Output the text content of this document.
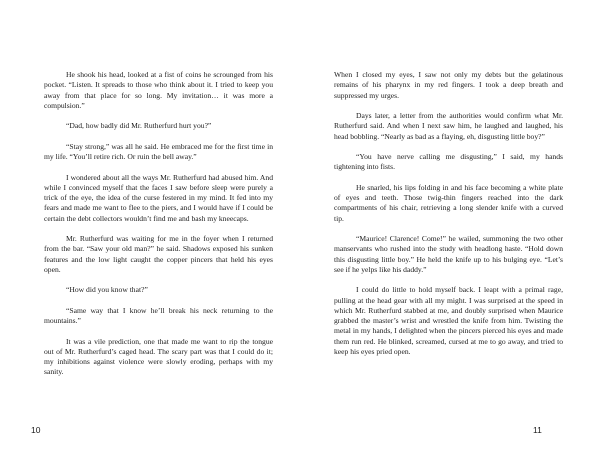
He shook his head, looked at a fist of coins he scrounged from his pocket. “Listen. It spreads to those who think about it. I tried to keep you away from that place for so long. My invitation… it was more a compulsion.”

“Dad, how badly did Mr. Rutherfurd hurt you?”

“Stay strong,” was all he said. He embraced me for the first time in my life. “You’ll retire rich. Or ruin the bell away.”

I wondered about all the ways Mr. Rutherfurd had abused him. And while I convinced myself that the faces I saw before sleep were purely a trick of the eye, the idea of the curse festered in my mind. It fed into my fears and made me want to flee to the piers, and I would have if I could be certain the debt collectors wouldn’t find me and bash my kneecaps.

Mr. Rutherfurd was waiting for me in the foyer when I returned from the bar. “Saw your old man?” he said. Shadows exposed his sunken features and the low light caught the copper pincers that held his eyes open.

“How did you know that?”

“Same way that I know he’ll break his neck returning to the mountains.”

It was a vile prediction, one that made me want to rip the tongue out of Mr. Rutherfurd’s caged head. The scary part was that I could do it; my inhibitions against violence were slowly eroding, perhaps with my sanity.

10

When I closed my eyes, I saw not only my debts but the gelatinous remains of his pharynx in my red fingers. I took a deep breath and suppressed my urges.

Days later, a letter from the authorities would confirm what Mr. Rutherfurd said. And when I next saw him, he laughed and laughed, his head bobbling. “Nearly as bad as a flaying, eh, disgusting little boy?”

“You have nerve calling me disgusting,” I said, my hands tightening into fists.

He snarled, his lips folding in and his face becoming a white plate of eyes and teeth. Those twig-thin fingers reached into the dark compartments of his chair, retrieving a long slender knife with a curved tip.

“Maurice! Clarence! Come!” he wailed, summoning the two other manservants who rushed into the study with headlong haste. “Hold down this disgusting little boy.” He held the knife up to his bulging eye. “Let’s see if he yelps like his daddy.”

I could do little to hold myself back. I leapt with a primal rage, pulling at the head gear with all my might. I was surprised at the speed in which Mr. Rutherfurd stabbed at me, and doubly surprised when Maurice grabbed the master’s wrist and wrestled the knife from him. Twisting the metal in my hands, I delighted when the pincers pierced his eyes and made them run red. He blinked, screamed, cursed at me to go away, and tried to keep his eyes pried open.

11
